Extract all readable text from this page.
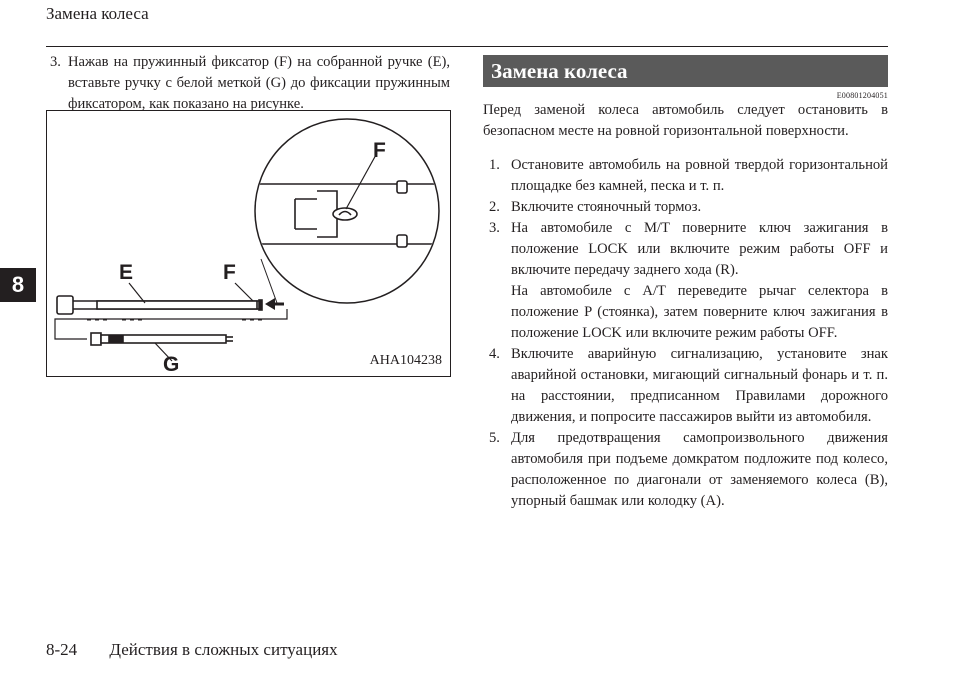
Замена колеса
8
3. Нажав на пружинный фиксатор (F) на собранной ручке (E), вставьте ручку с белой меткой (G) до фиксации пружинным фиксатором, как показано на рисунке.
F
E	F
G	AHA104238
Замена колеса
E00801204051

Перед заменой колеса автомобиль следует остановить в безопасном месте на ровной горизонтальной поверхности.

1. Остановите автомобиль на ровной твердой горизонтальной площадке без камней, песка и т. п.
2. Включите стояночный тормоз.
3. На автомобиле с M/T поверните ключ зажигания в положение LOCK или включите режим работы OFF и включите передачу заднего хода (R).
На автомобиле с A/T переведите рычаг селектора в положение P (стоянка), затем поверните ключ зажигания в положение LOCK или включите режим работы OFF.
4. Включите аварийную сигнализацию, установите знак аварийной остановки, мигающий сигнальный фонарь и т. п. на расстоянии, предписанном Правилами дорожного движения, и попросите пассажиров выйти из автомобиля.
5. Для предотвращения самопроизвольного движения автомобиля при подъеме домкратом подложите под колесо, расположенное по диагонали от заменяемого колеса (B), упорный башмак или колодку (A).
8-24 Действия в сложных ситуациях
